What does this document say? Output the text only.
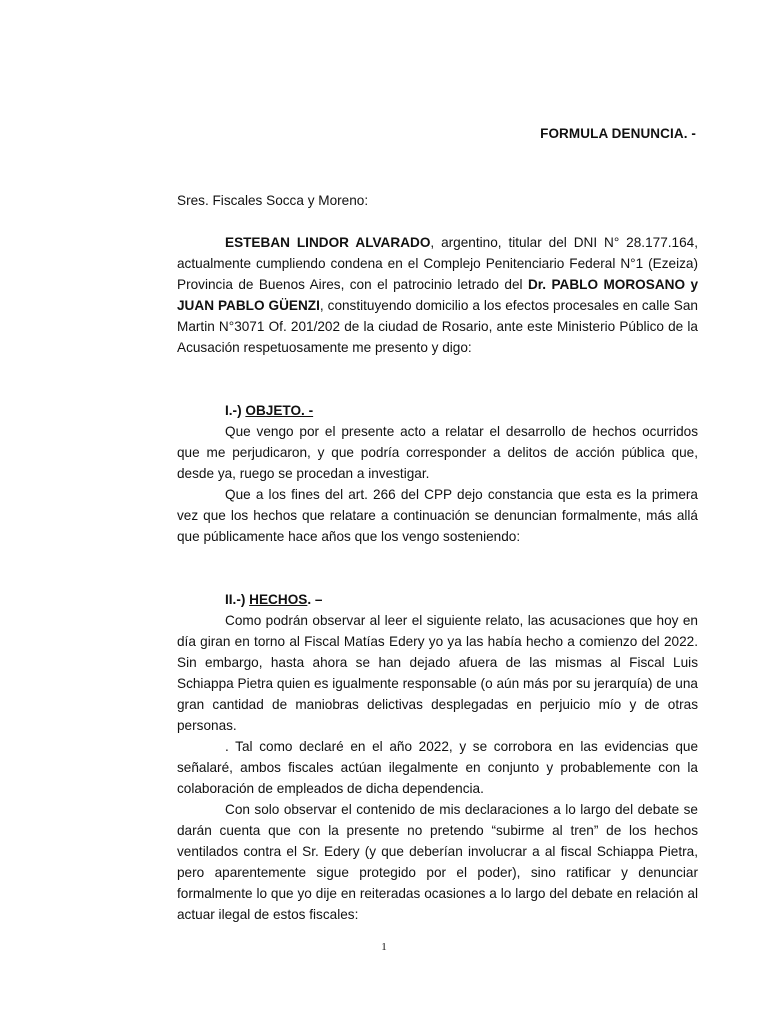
FORMULA DENUNCIA. -

Sres. Fiscales Socca y Moreno:

ESTEBAN LINDOR ALVARADO, argentino, titular del DNI N° 28.177.164, actualmente cumpliendo condena en el Complejo Penitenciario Federal N°1 (Ezeiza) Provincia de Buenos Aires, con el patrocinio letrado del Dr. PABLO MOROSANO y JUAN PABLO GÜENZI, constituyendo domicilio a los efectos procesales en calle San Martin N°3071 Of. 201/202 de la ciudad de Rosario, ante este Ministerio Público de la Acusación respetuosamente me presento y digo:

I.-) OBJETO. -

Que vengo por el presente acto a relatar el desarrollo de hechos ocurridos que me perjudicaron, y que podría corresponder a delitos de acción pública que, desde ya, ruego se procedan a investigar.

Que a los fines del art. 266 del CPP dejo constancia que esta es la primera vez que los hechos que relatare a continuación se denuncian formalmente, más allá que públicamente hace años que los vengo sosteniendo:

II.-) HECHOS. –

Como podrán observar al leer el siguiente relato, las acusaciones que hoy en día giran en torno al Fiscal Matías Edery yo ya las había hecho a comienzo del 2022. Sin embargo, hasta ahora se han dejado afuera de las mismas al Fiscal Luis Schiappa Pietra quien es igualmente responsable (o aún más por su jerarquía) de una gran cantidad de maniobras delictivas desplegadas en perjuicio mío y de otras personas.

. Tal como declaré en el año 2022, y se corrobora en las evidencias que señalaré, ambos fiscales actúan ilegalmente en conjunto y probablemente con la colaboración de empleados de dicha dependencia.

Con solo observar el contenido de mis declaraciones a lo largo del debate se darán cuenta que con la presente no pretendo “subirme al tren” de los hechos ventilados contra el Sr. Edery (y que deberían involucrar a al fiscal Schiappa Pietra, pero aparentemente sigue protegido por el poder), sino ratificar y denunciar formalmente lo que yo dije en reiteradas ocasiones a lo largo del debate en relación al actuar ilegal de estos fiscales:

1
